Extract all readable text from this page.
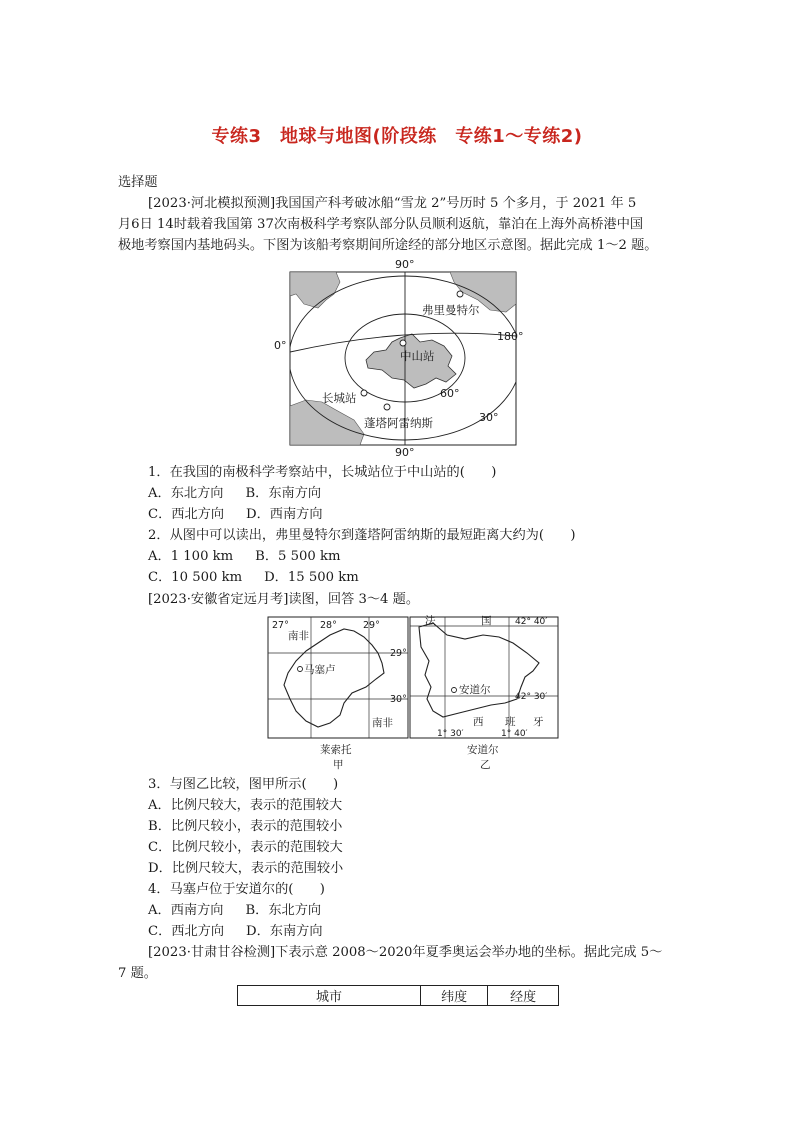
专练3　地球与地图(阶段练　专练1～专练2)
选择题
[2023·河北模拟预测]我国国产科考破冰船“雪龙 2”号历时 5 个多月，于 2021 年 5
月6日 14时载着我国第 37次南极科学考察队部分队员顺利返航，靠泊在上海外高桥港中国
极地考察国内基地码头。下图为该船考察期间所途经的部分地区示意图。据此完成 1～2 题。
90°
90°
0°
180°
60°
30°
弗里曼特尔
中山站
长城站
蓬塔阿雷纳斯
1．在我国的南极科学考察站中，长城站位于中山站的(　　)
A．东北方向 B．东南方向
C．西北方向 D．西南方向
2．从图中可以读出，弗里曼特尔到蓬塔阿雷纳斯的最短距离大约为(　　)
A．1 100 km B．5 500 km
C．10 500 km D．15 500 km
[2023·安徽省定远月考]读图，回答 3～4 题。
27°	28°	29°
29°
30°
南非
南非
马塞卢
莱索托
甲
法	国	42° 40′
42° 30′
安道尔
西 班 牙
1° 30′	1° 40′
安道尔
乙
3．与图乙比较，图甲所示(　　)
A．比例尺较大，表示的范围较大
B．比例尺较小，表示的范围较小
C．比例尺较小，表示的范围较大
D．比例尺较大，表示的范围较小
4．马塞卢位于安道尔的(　　)
A．西南方向 B．东北方向
C．西北方向 D．东南方向
[2023·甘肃甘谷检测]下表示意 2008～2020年夏季奥运会举办地的坐标。据此完成 5～
7 题。
城市	纬度	经度
